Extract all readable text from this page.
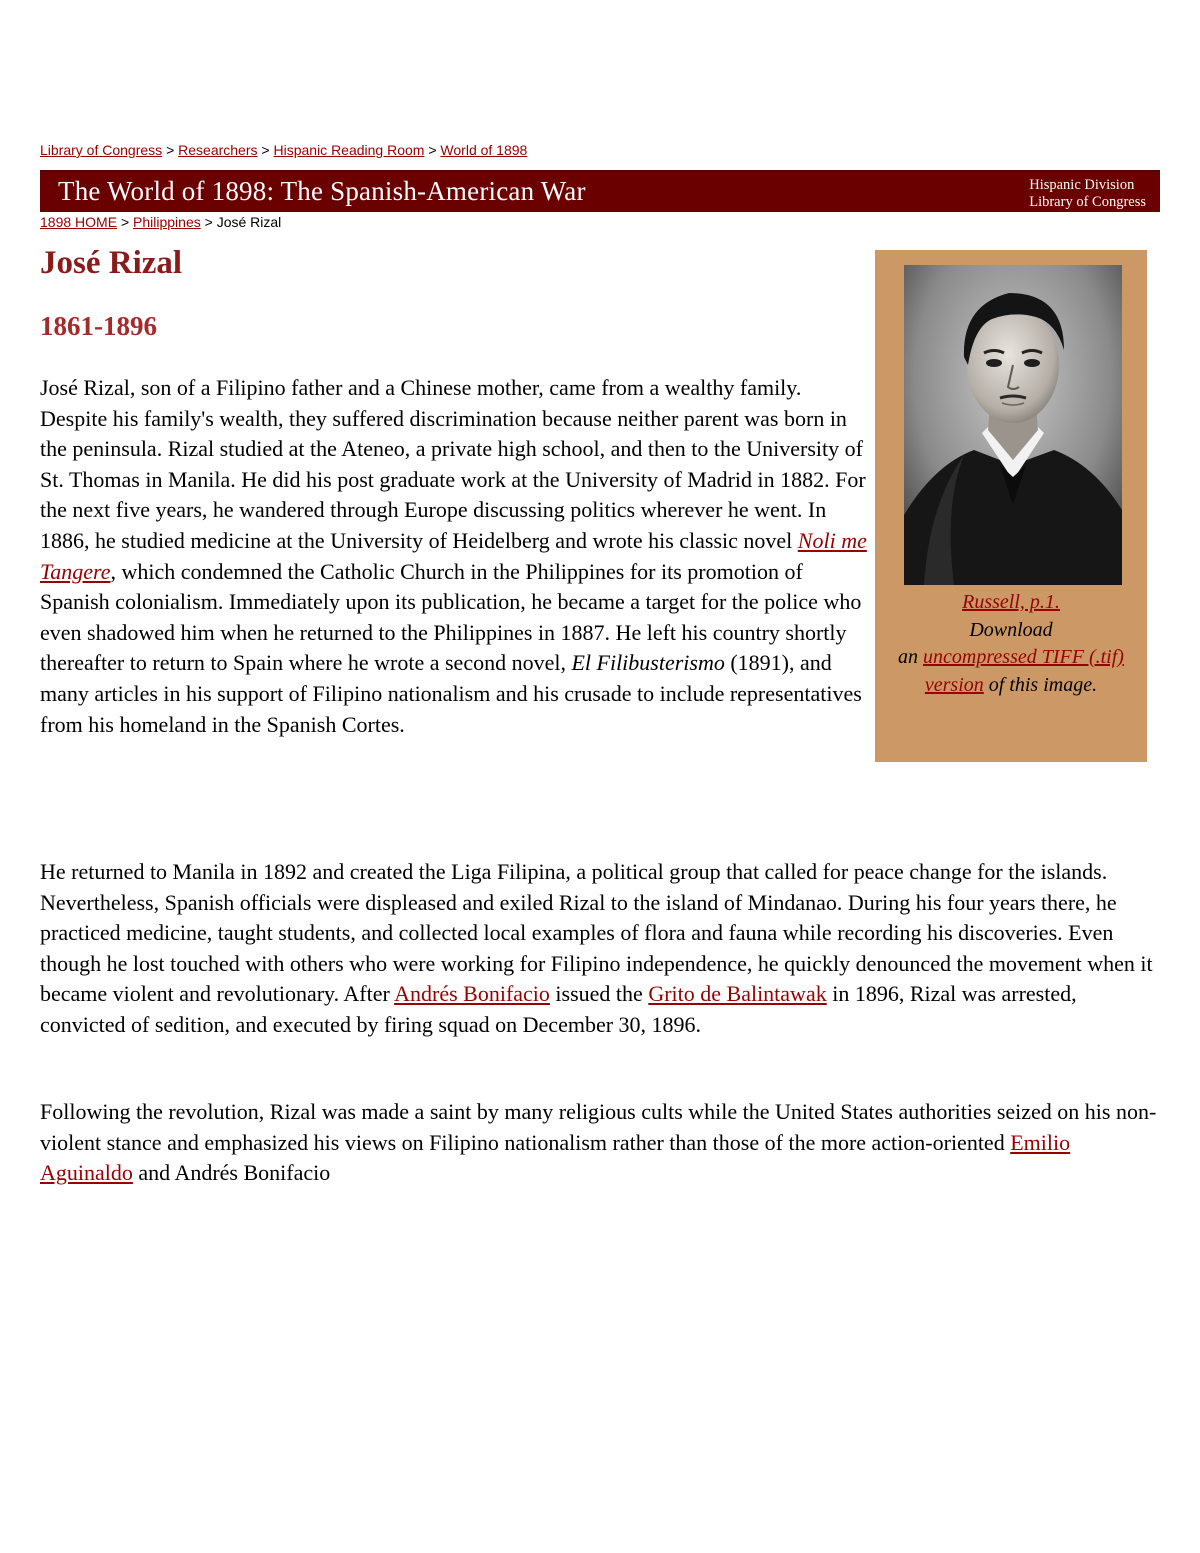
Library of Congress > Researchers > Hispanic Reading Room > World of 1898
The World of 1898: The Spanish-American War	Hispanic Division
Library of Congress
1898 HOME > Philippines > José Rizal
José Rizal
1861-1896
Russell, p.1.
Download
an uncompressed TIFF (.tif) version of this image.

José Rizal, son of a Filipino father and a Chinese mother, came from a wealthy family. Despite his family's wealth, they suffered discrimination because neither parent was born in the peninsula. Rizal studied at the Ateneo, a private high school, and then to the University of St. Thomas in Manila. He did his post graduate work at the University of Madrid in 1882. For the next five years, he wandered through Europe discussing politics wherever he went. In 1886, he studied medicine at the University of Heidelberg and wrote his classic novel Noli me Tangere, which condemned the Catholic Church in the Philippines for its promotion of Spanish colonialism. Immediately upon its publication, he became a target for the police who even shadowed him when he returned to the Philippines in 1887. He left his country shortly thereafter to return to Spain where he wrote a second novel, El Filibusterismo (1891), and many articles in his support of Filipino nationalism and his crusade to include representatives from his homeland in the Spanish Cortes.

He returned to Manila in 1892 and created the Liga Filipina, a political group that called for peace change for the islands. Nevertheless, Spanish officials were displeased and exiled Rizal to the island of Mindanao. During his four years there, he practiced medicine, taught students, and collected local examples of flora and fauna while recording his discoveries. Even though he lost touched with others who were working for Filipino independence, he quickly denounced the movement when it became violent and revolutionary. After Andrés Bonifacio issued the Grito de Balintawak in 1896, Rizal was arrested, convicted of sedition, and executed by firing squad on December 30, 1896.

Following the revolution, Rizal was made a saint by many religious cults while the United States authorities seized on his non-violent stance and emphasized his views on Filipino nationalism rather than those of the more action-oriented Emilio Aguinaldo and Andrés Bonifacio
